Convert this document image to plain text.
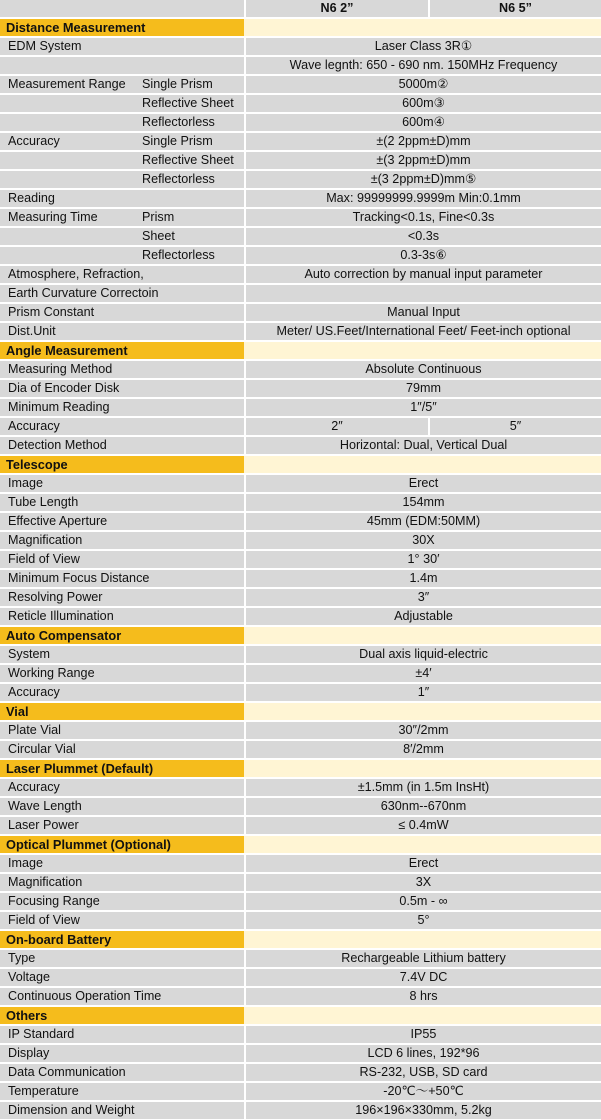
N6 2”	N6 5”
Distance Measurement
EDM System	Laser Class 3R①
Wave legnth: 650 - 690 nm. 150MHz Frequency
Measurement Range	Single Prism	5000m②
Reflective Sheet	600m③
Reflectorless	600m④
Accuracy	Single Prism	±(2 2ppm±D)mm
Reflective Sheet	±(3 2ppm±D)mm
Reflectorless	±(3 2ppm±D)mm⑤
Reading	Max: 99999999.9999m Min:0.1mm
Measuring Time	Prism	Tracking<0.1s, Fine<0.3s
Sheet	<0.3s
Reflectorless	0.3-3s⑥
Atmosphere, Refraction,	Auto correction by manual input parameter
Earth Curvature Correctoin
Prism Constant	Manual Input
Dist.Unit	Meter/ US.Feet/International Feet/ Feet-inch optional
Angle Measurement
Measuring Method	Absolute Continuous
Dia of Encoder Disk	79mm
Minimum Reading	1″/5″
Accuracy	2″	5″
Detection Method	Horizontal: Dual, Vertical Dual
Telescope
Image	Erect
Tube Length	154mm
Effective Aperture	45mm (EDM:50MM)
Magnification	30X
Field of View	1° 30′
Minimum Focus Distance	1.4m
Resolving Power	3″
Reticle Illumination	Adjustable
Auto Compensator
System	Dual axis liquid-electric
Working Range	±4′
Accuracy	1″
Vial
Plate Vial	30″/2mm
Circular Vial	8′/2mm
Laser Plummet (Default)
Accuracy	±1.5mm (in 1.5m InsHt)
Wave Length	630nm--670nm
Laser Power	≤ 0.4mW
Optical Plummet (Optional)
Image	Erect
Magnification	3X
Focusing Range	0.5m - ∞
Field of View	5°
On-board Battery
Type	Rechargeable Lithium battery
Voltage	7.4V DC
Continuous Operation Time	8 hrs
Others
IP Standard	IP55
Display	LCD 6 lines, 192*96
Data Communication	RS-232, USB, SD card
Temperature	-20℃～+50℃
Dimension and Weight	196×196×330mm, 5.2kg
